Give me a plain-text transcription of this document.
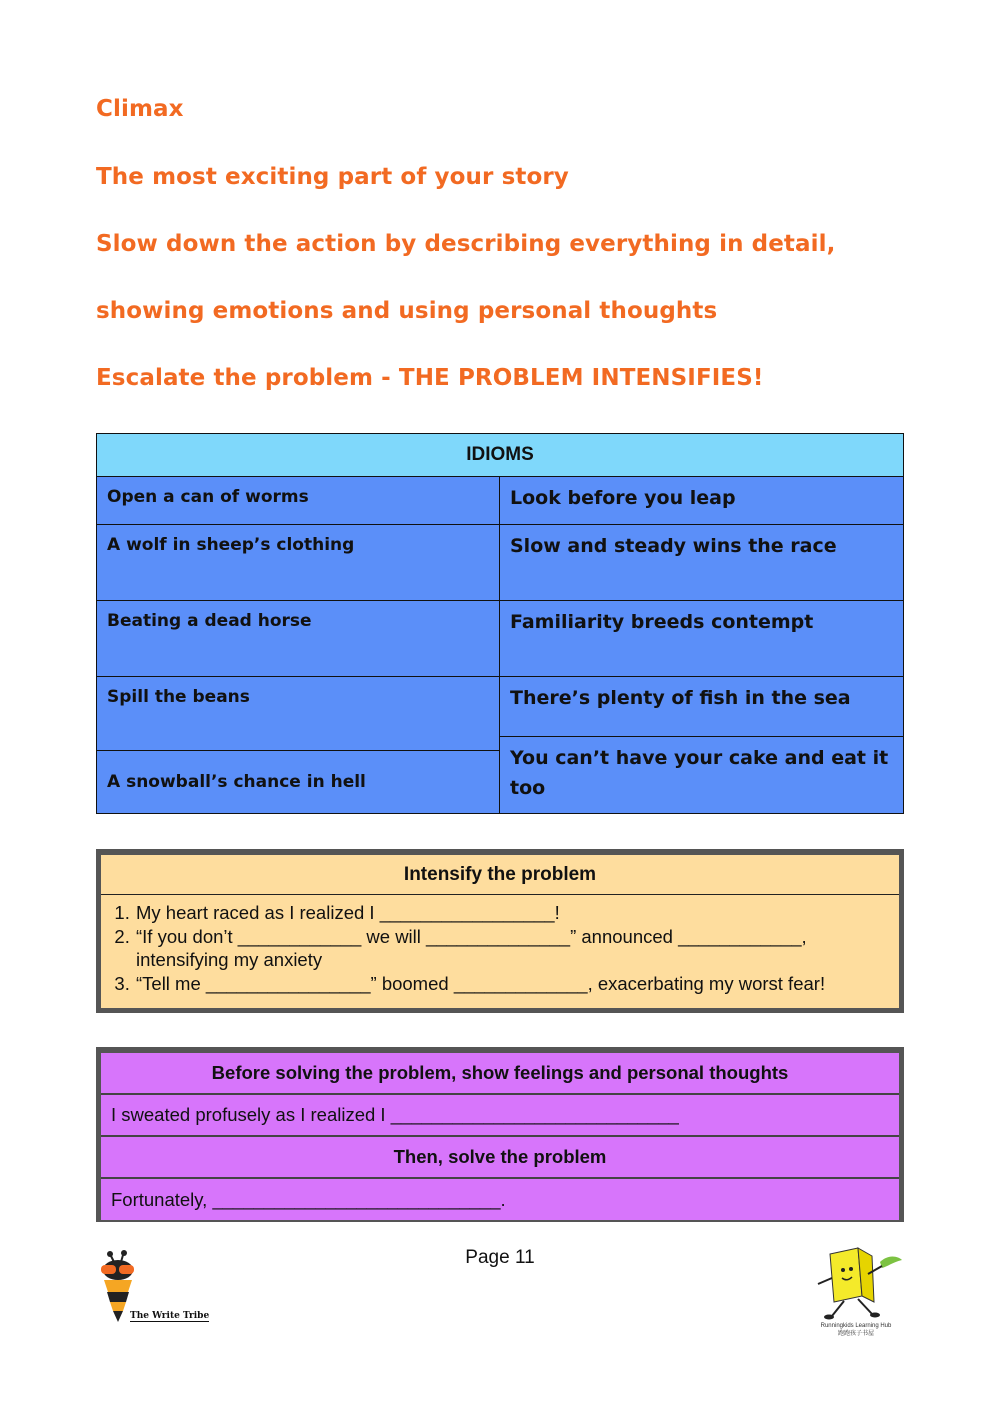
Climax

The most exciting part of your story

Slow down the action by describing everything in detail,

showing emotions and using personal thoughts

Escalate the problem - THE PROBLEM INTENSIFIES!

IDIOMS
Open a can of worms
A wolf in sheep’s clothing
Beating a dead horse
Spill the beans
A snowball’s chance in hell
Look before you leap
Slow and steady wins the race
Familiarity breeds contempt
There’s plenty of fish in the sea
You can’t have your cake and eat it too
Intensify the problem
1. My heart raced as I realized I _________________!
2. “If you don’t ____________ we will ______________” announced ____________, intensifying my anxiety
3. “Tell me ________________” boomed _____________, exacerbating my worst fear!
Before solving the problem, show feelings and personal thoughts
I sweated profusely as I realized I ____________________________
Then, solve the problem
Fortunately, ____________________________.
Page 11
The Write Tribe
Runningkids Learning Hub
跑跑孩子书屋
